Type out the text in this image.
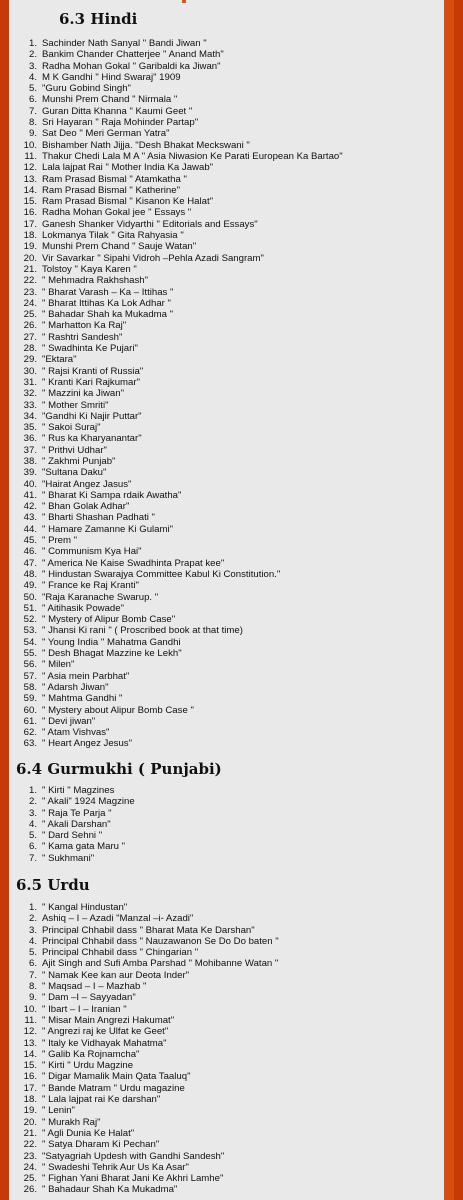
6.3 Hindi
1. Sachinder Nath Sanyal " Bandi Jiwan "
2. Bankim Chander Chatterjee " Anand Math"
3. Radha Mohan Gokal " Garibaldi ka Jiwan"
4. M K Gandhi " Hind Swaraj" 1909
5. "Guru Gobind Singh"
6. Munshi Prem Chand " Nirmala "
7. Guran Ditta Khanna " Kaumi Geet "
8. Sri Hayaran " Raja Mohinder Partap"
9. Sat Deo " Meri German Yatra"
10. Bishamber Nath Jijja. "Desh Bhakat Meckswani "
11. Thakur Chedi Lala M A " Asia Niwasion Ke Parati European Ka Bartao"
12. Lala lajpat Rai " Mother India Ka Jawab"
13. Ram Prasad Bismal " Atamkatha "
14. Ram Prasad Bismal " Katherine"
15. Ram Prasad Bismal " Kisanon Ke Halat"
16. Radha Mohan Gokal jee " Essays "
17. Ganesh Shanker Vidyarthi " Editorials and Essays"
18. Lokmanya Tilak " Gita Rahyasia "
19. Munshi Prem Chand " Sauje Watan"
20. Vir Savarkar " Sipahi Vidroh –Pehla Azadi Sangram"
21. Tolstoy " Kaya Karen "
22. " Mehmadra Rakhshash"
23. " Bharat Varash – Ka – Ittihas "
24. " Bharat Ittihas Ka Lok Adhar "
25. " Bahadar Shah ka Mukadma "
26. " Marhatton Ka Raj"
27. " Rashtri Sandesh"
28. " Swadhinta Ke Pujari"
29. "Ektara"
30. " Rajsi Kranti of Russia"
31. " Kranti Kari Rajkumar"
32. " Mazzini ka Jiwan"
33. " Mother Smriti"
34. "Gandhi Ki Najir Puttar"
35. " Sakoi Suraj"
36. " Rus ka Kharyanantar"
37. " Prithvi Udhar"
38. " Zakhmi Punjab"
39. "Sultana Daku"
40. "Hairat Angez Jasus"
41. " Bharat Ki Sampa rdaik Awatha"
42. " Bhan Golak Adhar"
43. " Bharti Shashan Padhati "
44. " Hamare Zamanne Ki Gulami"
45. " Prem "
46. " Communism Kya Hai"
47. " America Ne Kaise Swadhinta Prapat kee"
48. " Hindustan Swarajya Committee Kabul Ki Constitution."
49. " France ke Raj Kranti"
50. "Raja Karanache Swarup. "
51. " Aitihasik Powade"
52. " Mystery of Alipur Bomb Case"
53. " Jhansi Ki rani " ( Proscribed book at that time)
54. " Young India " Mahatma Gandhi
55. " Desh Bhagat Mazzine ke Lekh"
56. " Milen"
57. " Asia mein Parbhat"
58. " Adarsh Jiwan"
59. " Mahtma Gandhi "
60. " Mystery about Alipur Bomb Case "
61. " Devi jiwan"
62. " Atam Vishvas"
63. " Heart Angez Jesus"
6.4 Gurmukhi ( Punjabi)
1. " Kirti " Magzines
2. " Akali" 1924 Magzine
3. " Raja Te Parja "
4. " Akali Darshan"
5. " Dard Sehni "
6. " Kama gata Maru "
7. " Sukhmani"
6.5 Urdu
1. " Kangal Hindustan"
2. Ashiq – I – Azadi "Manzal –i- Azadi"
3. Principal Chhabil dass " Bharat Mata Ke Darshan"
4. Principal Chhabil dass " Nauzawanon Se Do Do baten "
5. Principal Chhabil dass " Chingarian "
6. Ajit Singh and Sufi Amba Parshad " Mohibanne Watan "
7. " Namak Kee kan aur Deota Inder"
8. " Maqsad – I – Mazhab "
9. " Dam –I – Sayyadan"
10. " Ibart – I – Iranian "
11. " Misar Main Angrezi Hakumat"
12. " Angrezi raj ke Ulfat ke Geet"
13. " Italy ke Vidhayak Mahatma"
14. " Galib Ka Rojnamcha"
15. " Kirti " Urdu Magzine
16. " Digar Mamalik Main Qata Taaluq"
17. " Bande Matram " Urdu magazine
18. " Lala lajpat rai Ke darshan"
19. " Lenin"
20. " Murakh Raj"
21. " Agli Dunia Ke Halat"
22. " Satya Dharam Ki Pechan"
23. "Satyagriah Updesh with Gandhi Sandesh"
24. " Swadeshi Tehrik Aur Us Ka Asar"
25. " Fighan Yani Bharat Jani Ke Akhri Lamhe"
26. " Bahadaur Shah Ka Mukadma"
